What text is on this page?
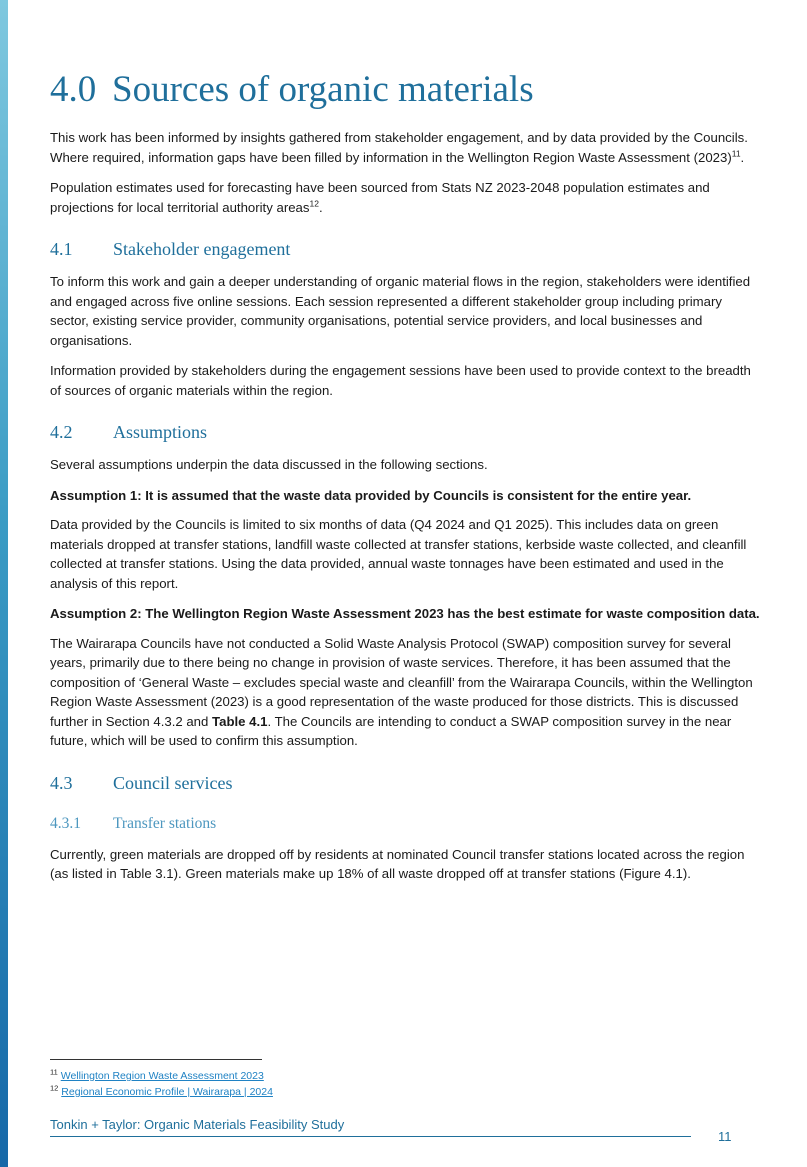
4.0 Sources of organic materials

This work has been informed by insights gathered from stakeholder engagement, and by data provided by the Councils. Where required, information gaps have been filled by information in the Wellington Region Waste Assessment $(2023)^{11}$.

Population estimates used for forecasting have been sourced from Stats NZ 2023-2048 population estimates and projections for local territorial authority areas$^{12}$.

4.1 Stakeholder engagement

To inform this work and gain a deeper understanding of organic material flows in the region, stakeholders were identified and engaged across five online sessions. Each session represented a different stakeholder group including primary sector, existing service provider, community organisations, potential service providers, and local businesses and organisations.

Information provided by stakeholders during the engagement sessions have been used to provide context to the breadth of sources of organic materials within the region.

4.2 Assumptions

Several assumptions underpin the data discussed in the following sections.

Assumption 1: It is assumed that the waste data provided by Councils is consistent for the entire year.

Data provided by the Councils is limited to six months of data (Q4 2024 and Q1 2025). This includes data on green materials dropped at transfer stations, landfill waste collected at transfer stations, kerbside waste collected, and cleanfill collected at transfer stations. Using the data provided, annual waste tonnages have been estimated and used in the analysis of this report.

Assumption 2: The Wellington Region Waste Assessment 2023 has the best estimate for waste composition data.

The Wairarapa Councils have not conducted a Solid Waste Analysis Protocol (SWAP) composition survey for several years, primarily due to there being no change in provision of waste services. Therefore, it has been assumed that the composition of ‘General Waste – excludes special waste and cleanfill’ from the Wairarapa Councils, within the Wellington Region Waste Assessment (2023) is a good representation of the waste produced for those districts. This is discussed further in Section 4.3.2 and Table 4.1. The Councils are intending to conduct a SWAP composition survey in the near future, which will be used to confirm this assumption.

4.3 Council services
4.3.1 Transfer stations

Currently, green materials are dropped off by residents at nominated Council transfer stations located across the region (as listed in Table 3.1). Green materials make up 18% of all waste dropped off at transfer stations (Figure 4.1).

$^{11}$ Wellington Region Waste Assessment 2023
$^{12}$ Regional Economic Profile | Wairarapa | 2024
Tonkin + Taylor: Organic Materials Feasibility Study
11
